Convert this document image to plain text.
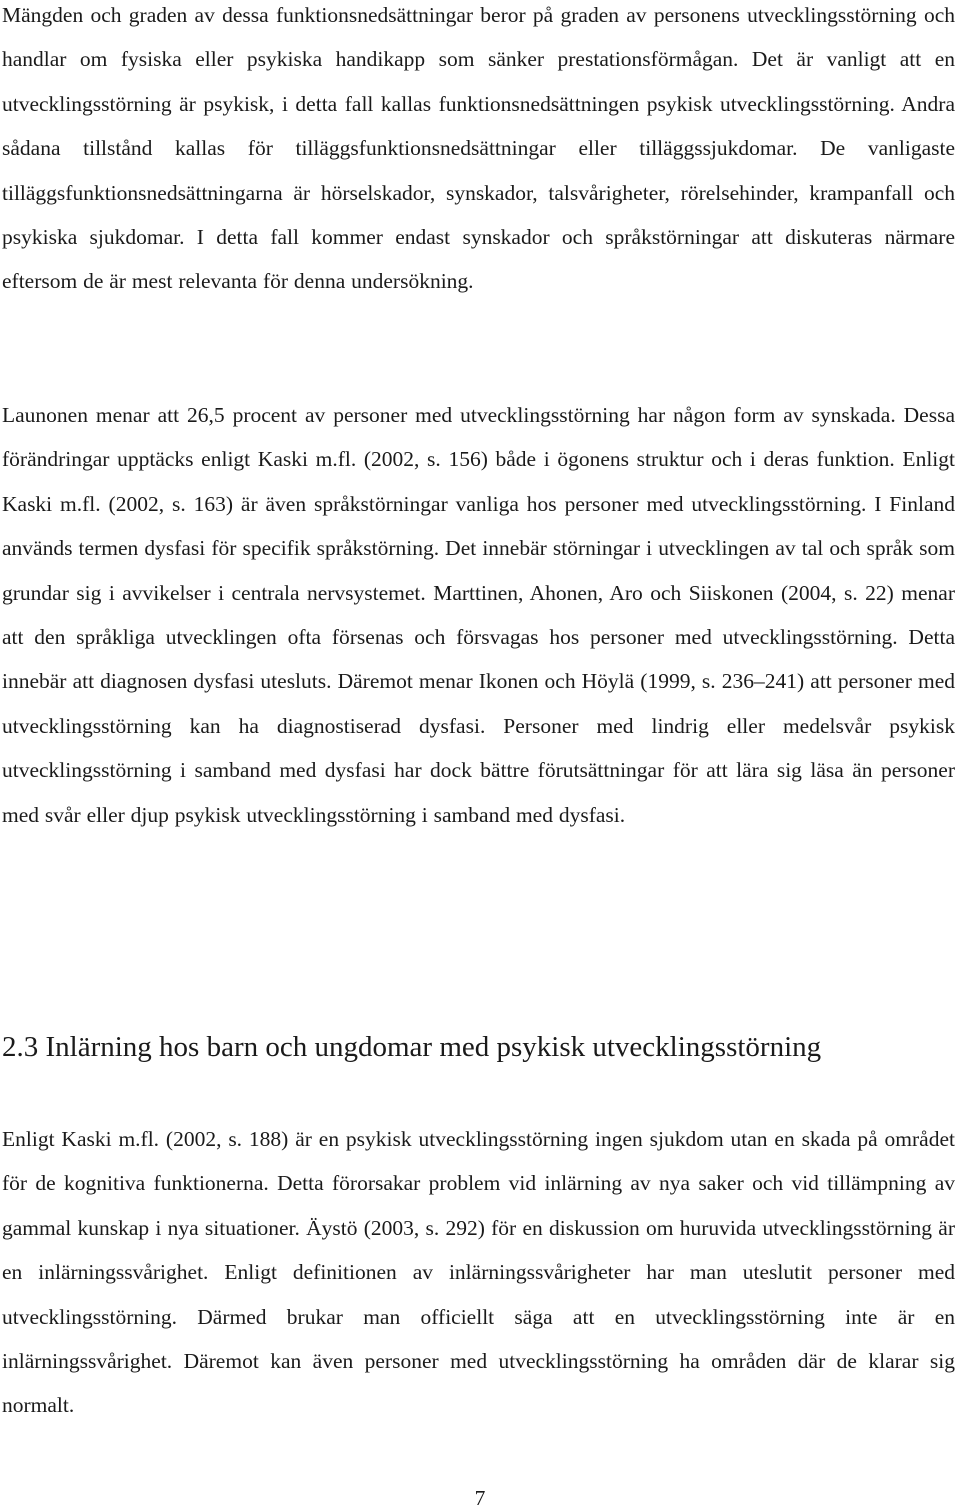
Mängden och graden av dessa funktionsnedsättningar beror på graden av personens utvecklingsstörning och handlar om fysiska eller psykiska handikapp som sänker prestationsförmågan. Det är vanligt att en utvecklingsstörning är psykisk, i detta fall kallas funktionsnedsättningen psykisk utvecklingsstörning. Andra sådana tillstånd kallas för tilläggsfunktionsnedsättningar eller tilläggssjukdomar. De vanligaste tilläggsfunktionsnedsättningarna är hörselskador, synskador, talsvårigheter, rörelsehinder, krampanfall och psykiska sjukdomar. I detta fall kommer endast synskador och språkstörningar att diskuteras närmare eftersom de är mest relevanta för denna undersökning.

Launonen menar att 26,5 procent av personer med utvecklingsstörning har någon form av synskada. Dessa förändringar upptäcks enligt Kaski m.fl. (2002, s. 156) både i ögonens struktur och i deras funktion. Enligt Kaski m.fl. (2002, s. 163) är även språkstörningar vanliga hos personer med utvecklingsstörning. I Finland används termen dysfasi för specifik språkstörning. Det innebär störningar i utvecklingen av tal och språk som grundar sig i avvikelser i centrala nervsystemet. Marttinen, Ahonen, Aro och Siiskonen (2004, s. 22) menar att den språkliga utvecklingen ofta försenas och försvagas hos personer med utvecklingsstörning. Detta innebär att diagnosen dysfasi utesluts. Däremot menar Ikonen och Höylä (1999, s. 236–241) att personer med utvecklingsstörning kan ha diagnostiserad dysfasi. Personer med lindrig eller medelsvår psykisk utvecklingsstörning i samband med dysfasi har dock bättre förutsättningar för att lära sig läsa än personer med svår eller djup psykisk utvecklingsstörning i samband med dysfasi.

2.3 Inlärning hos barn och ungdomar med psykisk utvecklingsstörning

Enligt Kaski m.fl. (2002, s. 188) är en psykisk utvecklingsstörning ingen sjukdom utan en skada på området för de kognitiva funktionerna. Detta förorsakar problem vid inlärning av nya saker och vid tillämpning av gammal kunskap i nya situationer. Äystö (2003, s. 292) för en diskussion om huruvida utvecklingsstörning är en inlärningssvårighet. Enligt definitionen av inlärningssvårigheter har man uteslutit personer med utvecklingsstörning. Därmed brukar man officiellt säga att en utvecklingsstörning inte är en inlärningssvårighet. Däremot kan även personer med utvecklingsstörning ha områden där de klarar sig normalt.

7
